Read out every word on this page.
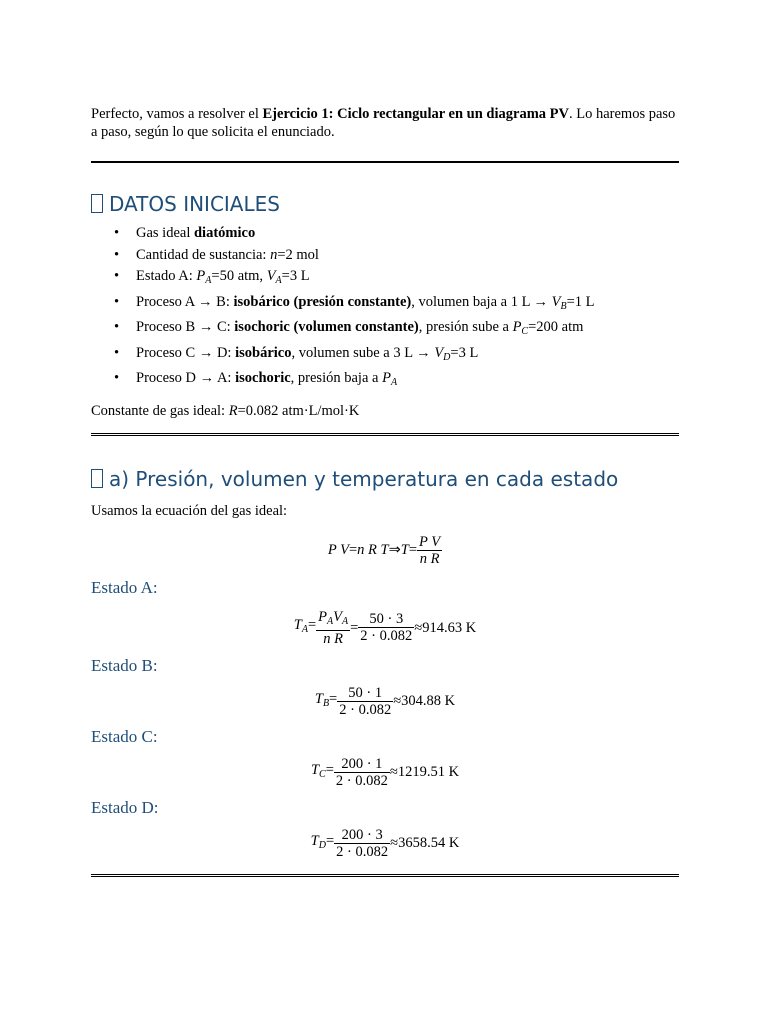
Perfecto, vamos a resolver el Ejercicio 1: Ciclo rectangular en un diagrama PV. Lo haremos paso a paso, según lo que solicita el enunciado.

DATOS INICIALES
• Gas ideal diatómico
• Cantidad de sustancia: n=2 mol
• Estado A: $P_A=50$ atm, $V_A=3$ L
• Proceso A → B: isobárico (presión constante), volumen baja a 1 $L \to V_B=1$ L
• Proceso B → C: isochoric (volumen constante), presión sube a $P_C=200$ atm
• Proceso C → D: isobárico, volumen sube a 3 $L \to V_D=3$ L
• Proceso D → A: isochoric, presión baja a $P_A$

Constante de gas ideal: R=0.082 atm·L/mol·K

a) Presión, volumen y temperatura en cada estado

Usamos la ecuación del gas ideal:

P V=n R T⇒T= $\frac{\text{P V}}{\text{n R}}$
Estado A:
$T_A= \frac{P_AV_A}{\text{n R}} = \frac{50 \cdot 3}{2 \cdot 0.082} \approx 914.63$ K
Estado B:
$T_B= \frac{50 \cdot 1}{2 \cdot 0.082} \approx 304.88$ K
Estado C:
$T_C= \frac{200 \cdot 1}{2 \cdot 0.082} \approx 1219.51$ K
Estado D:
$T_D= \frac{200 \cdot 3}{2 \cdot 0.082} \approx 3658.54$ K
